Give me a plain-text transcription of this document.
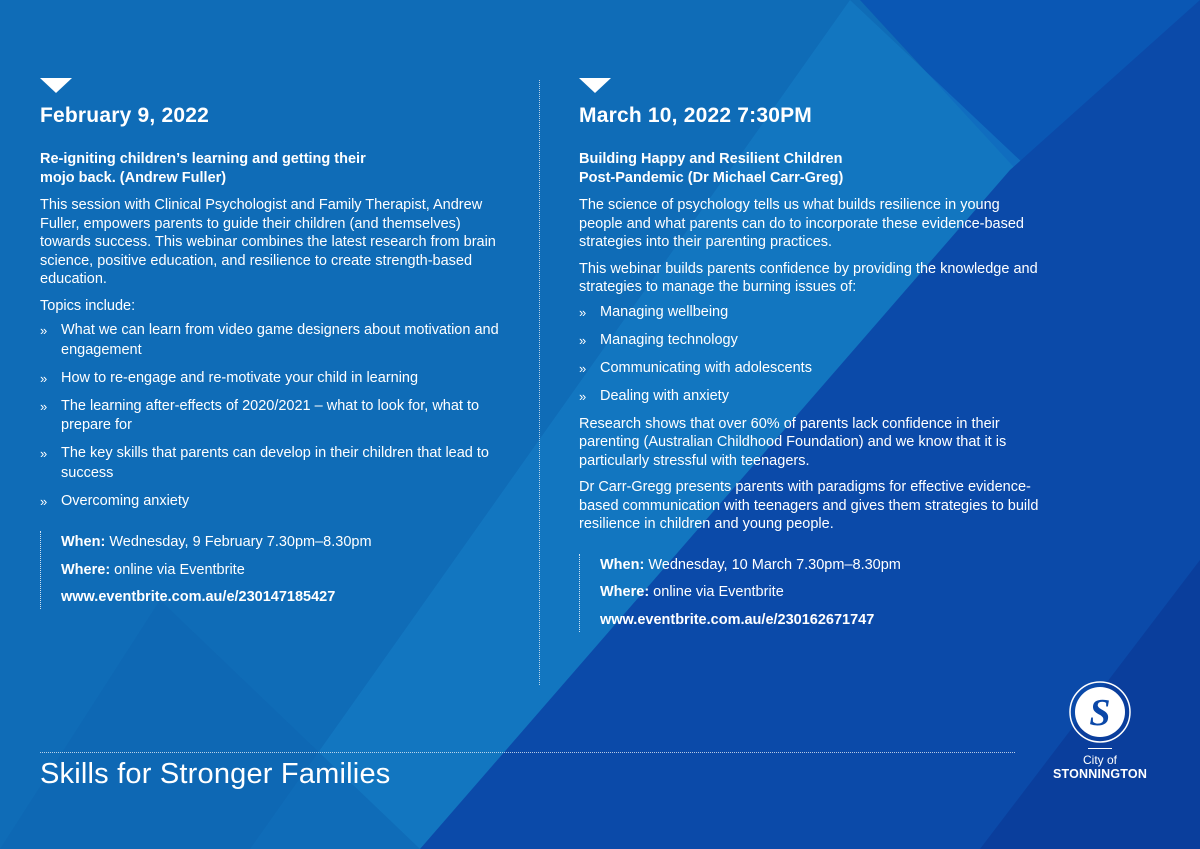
February 9, 2022
Re-igniting children’s learning and getting their
mojo back. (Andrew Fuller)

This session with Clinical Psychologist and Family Therapist, Andrew Fuller, empowers parents to guide their children (and themselves) towards success. This webinar combines the latest research from brain science, positive education, and resilience to create strength-based education.

Topics include:

» What we can learn from video game designers about motivation and engagement
» How to re-engage and re-motivate your child in learning
» The learning after-effects of 2020/2021 – what to look for, what to prepare for
» The key skills that parents can develop in their children that lead to success
» Overcoming anxiety
When: Wednesday, 9 February 7.30pm–8.30pm
Where: online via Eventbrite
www.eventbrite.com.au/e/230147185427
March 10, 2022 7:30PM
Building Happy and Resilient Children
Post-Pandemic (Dr Michael Carr-Greg)

The science of psychology tells us what builds resilience in young people and what parents can do to incorporate these evidence-based strategies into their parenting practices.

This webinar builds parents confidence by providing the knowledge and strategies to manage the burning issues of:

» Managing wellbeing
» Managing technology
» Communicating with adolescents
» Dealing with anxiety

Research shows that over 60% of parents lack confidence in their parenting (Australian Childhood Foundation) and we know that it is particularly stressful with teenagers.

Dr Carr-Gregg presents parents with paradigms for effective evidence-based communication with teenagers and gives them strategies to build resilience in children and young people.

When: Wednesday, 10 March 7.30pm–8.30pm
Where: online via Eventbrite
www.eventbrite.com.au/e/230162671747
Skills for Stronger Families
S
City of
STONNINGTON
